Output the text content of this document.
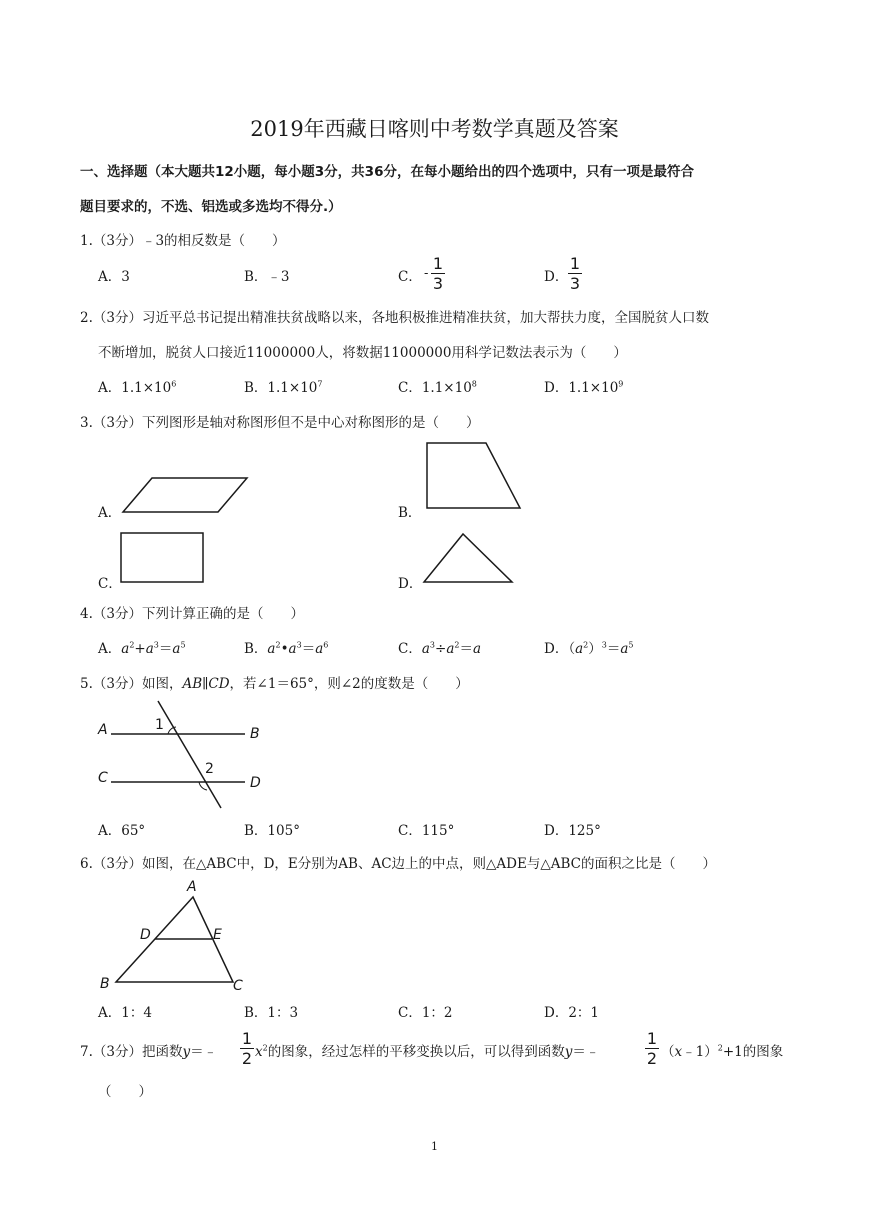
2019年西藏日喀则中考数学真题及答案
一、选择题（本大题共12小题，每小题3分，共36分，在每小题给出的四个选项中，只有一项是最符合
题目要求的，不选、铝选或多选均不得分.）
1.（3分）﹣3的相反数是（　　）
A．3	B．﹣3	C． -
1
3	D．
1
3
2.（3分）习近平总书记提出精准扶贫战略以来，各地积极推进精准扶贫，加大帮扶力度，全国脱贫人口数
不断增加，脱贫人口接近11000000人，将数据11000000用科学记数法表示为（　　）
A．$1.1\times 10^6$	B．$1.1\times 10^7$	C．$1.1\times 10^8$	D．$1.1\times 10^9$
3.（3分）下列图形是轴对称图形但不是中心对称图形的是（　　）
A．	B．
C．	D．
4.（3分）下列计算正确的是（　　）
A．$a^2+a^3=a^5$	B．$a^2•a^3=a^6$	C．$a^3\div a^2=a$	D．$(a^2)^3=a^5$
5.（3分）如图，AB∥CD，若∠1＝65°，则∠2的度数是（　　）
A	B
C	D
1
2
A．65°	B．105°	C．115°	D．125°
6.（3分）如图，在△ABC中，D，E分别为AB、AC边上的中点，则△ADE与△ABC的面积之比是（　　）
A
D	E
B	C
A．1：4	B．1：3	C．1：2	D．2：1
7.（3分）把函数y＝﹣
1
2 $x^2$的图象，经过怎样的平移变换以后，可以得到函数y＝﹣
1
2 （x﹣1）$^2$+1的图象
（　　）
1
